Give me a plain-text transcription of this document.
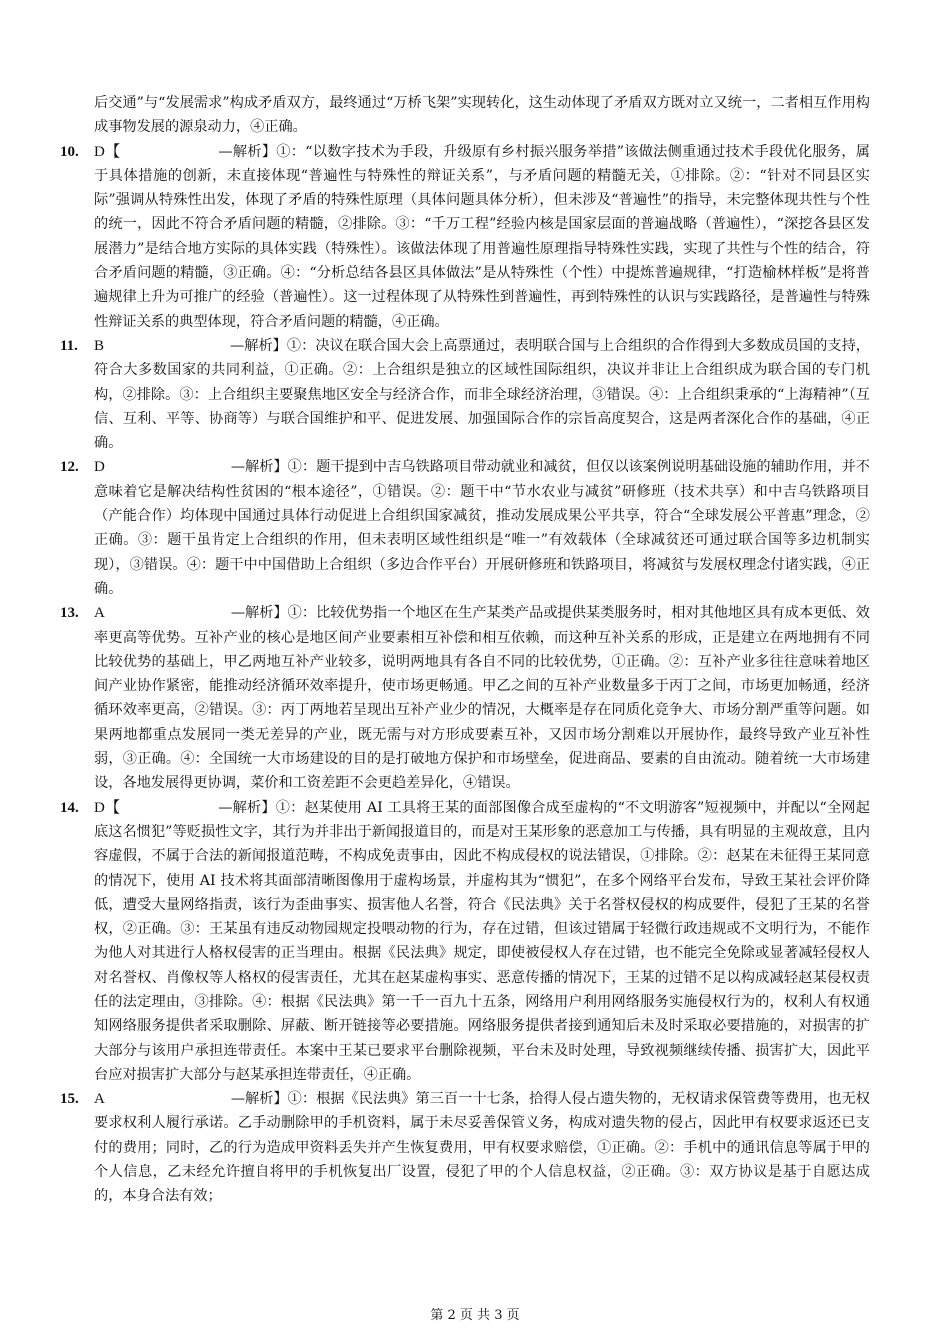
后交通”与“发展需求”构成矛盾双方，最终通过“万桥飞架”实现转化，这生动体现了矛盾双方既对立又统一，二者相互作用构成事物发展的源泉动力，④正确。

10. D【	—解析】①：“以数字技术为手段，升级原有乡村振兴服务举措”该做法侧重通过技术手段优化服务，属于具体措施的创新，未直接体现“普遍性与特殊性的辩证关系”，与矛盾问题的精髓无关，①排除。②：“针对不同县区实际”强调从特殊性出发，体现了矛盾的特殊性原理（具体问题具体分析），但未涉及“普遍性”的指导，未完整体现共性与个性的统一，因此不符合矛盾问题的精髓，②排除。③：“千万工程”经验内核是国家层面的普遍战略（普遍性），“深挖各县区发展潜力”是结合地方实际的具体实践（特殊性）。该做法体现了用普遍性原理指导特殊性实践，实现了共性与个性的结合，符合矛盾问题的精髓，③正确。④：“分析总结各县区具体做法”是从特殊性（个性）中提炼普遍规律，“打造榆林样板”是将普遍规律上升为可推广的经验（普遍性）。这一过程体现了从特殊性到普遍性，再到特殊性的认识与实践路径，是普遍性与特殊性辩证关系的典型体现，符合矛盾问题的精髓，④正确。

11. B	—解析】①：决议在联合国大会上高票通过，表明联合国与上合组织的合作得到大多数成员国的支持，符合大多数国家的共同利益，①正确。②：上合组织是独立的区域性国际组织，决议并非让上合组织成为联合国的专门机构，②排除。③：上合组织主要聚焦地区安全与经济合作，而非全球经济治理，③错误。④：上合组织秉承的“上海精神”（互信、互利、平等、协商等）与联合国维护和平、促进发展、加强国际合作的宗旨高度契合，这是两者深化合作的基础，④正确。

12. D	—解析】①：题干提到中吉乌铁路项目带动就业和减贫，但仅以该案例说明基础设施的辅助作用，并不意味着它是解决结构性贫困的“根本途径”，①错误。②：题干中“节水农业与减贫”研修班（技术共享）和中吉乌铁路项目（产能合作）均体现中国通过具体行动促进上合组织国家减贫，推动发展成果公平共享，符合“全球发展公平普惠”理念，②正确。③：题干虽肯定上合组织的作用，但未表明区域性组织是“唯一”有效载体（全球减贫还可通过联合国等多边机制实现），③错误。④：题干中中国借助上合组织（多边合作平台）开展研修班和铁路项目，将减贫与发展权理念付诸实践，④正确。

13. A	—解析】①：比较优势指一个地区在生产某类产品或提供某类服务时，相对其他地区具有成本更低、效率更高等优势。互补产业的核心是地区间产业要素相互补偿和相互依赖，而这种互补关系的形成，正是建立在两地拥有不同比较优势的基础上，甲乙两地互补产业较多，说明两地具有各自不同的比较优势，①正确。②：互补产业多往往意味着地区间产业协作紧密，能推动经济循环效率提升，使市场更畅通。甲乙之间的互补产业数量多于丙丁之间，市场更加畅通，经济循环效率更高，②错误。③：丙丁两地若呈现出互补产业少的情况，大概率是存在同质化竞争大、市场分割严重等问题。如果两地都重点发展同一类无差异的产业，既无需与对方形成要素互补，又因市场分割难以开展协作，最终导致产业互补性弱，③正确。④：全国统一大市场建设的目的是打破地方保护和市场壁垒，促进商品、要素的自由流动。随着统一大市场建设，各地发展得更协调，菜价和工资差距不会更趋差异化，④错误。

14. D【	—解析】①：赵某使用 AI 工具将王某的面部图像合成至虚构的“不文明游客”短视频中，并配以“全网起底这名惯犯”等贬损性文字，其行为并非出于新闻报道目的，而是对王某形象的恶意加工与传播，具有明显的主观故意，且内容虚假，不属于合法的新闻报道范畴，不构成免责事由，因此不构成侵权的说法错误，①排除。②：赵某在未征得王某同意的情况下，使用 AI 技术将其面部清晰图像用于虚构场景，并虚构其为“惯犯”，在多个网络平台发布，导致王某社会评价降低，遭受大量网络指责，该行为歪曲事实、损害他人名誉，符合《民法典》关于名誉权侵权的构成要件，侵犯了王某的名誉权，②正确。③：王某虽有违反动物园规定投喂动物的行为，存在过错，但该过错属于轻微行政违规或不文明行为，不能作为他人对其进行人格权侵害的正当理由。根据《民法典》规定，即使被侵权人存在过错，也不能完全免除或显著减轻侵权人对名誉权、肖像权等人格权的侵害责任，尤其在赵某虚构事实、恶意传播的情况下，王某的过错不足以构成减轻赵某侵权责任的法定理由，③排除。④：根据《民法典》第一千一百九十五条，网络用户利用网络服务实施侵权行为的，权利人有权通知网络服务提供者采取删除、屏蔽、断开链接等必要措施。网络服务提供者接到通知后未及时采取必要措施的，对损害的扩大部分与该用户承担连带责任。本案中王某已要求平台删除视频，平台未及时处理，导致视频继续传播、损害扩大，因此平台应对损害扩大部分与赵某承担连带责任，④正确。

15. A	—解析】①：根据《民法典》第三百一十七条，拾得人侵占遗失物的，无权请求保管费等费用，也无权要求权利人履行承诺。乙手动删除甲的手机资料，属于未尽妥善保管义务，构成对遗失物的侵占，因此甲有权要求返还已支付的费用；同时，乙的行为造成甲资料丢失并产生恢复费用，甲有权要求赔偿，①正确。②：手机中的通讯信息等属于甲的个人信息，乙未经允许擅自将甲的手机恢复出厂设置，侵犯了甲的个人信息权益，②正确。③：双方协议是基于自愿达成的，本身合法有效；

第 2 页 共 3 页
